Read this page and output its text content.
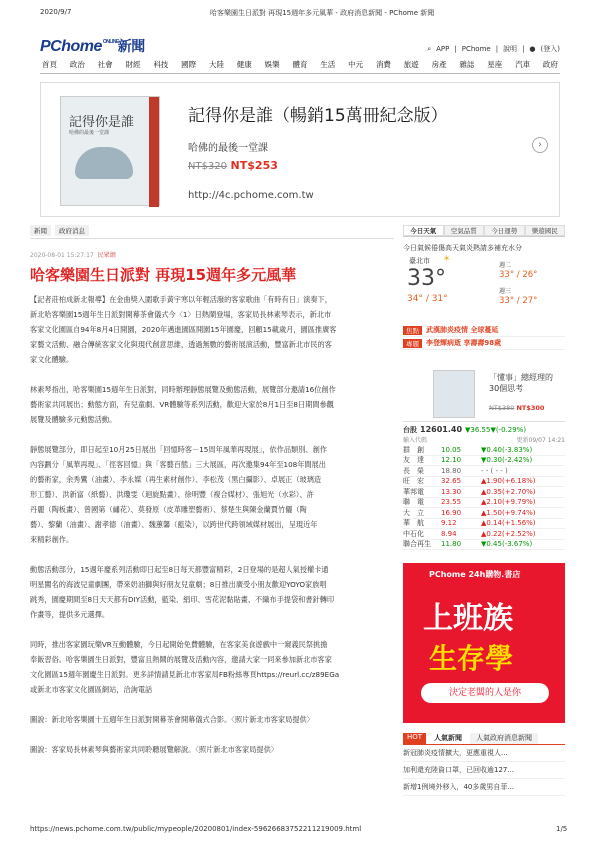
2020/9/7	哈客樂園生日派對 再現15週年多元風華 - 政府消息新聞 - PChome 新聞
PChome$^{ONLINE}$新聞	⌕ APP | PChome | 說明 | ● (登入)
首頁 政治 社會 財經 科技 國際 大陸 健康 娛樂 體育 生活 中元 消費 旅遊 房產 雜誌 星座 汽車 政府
記得你是誰
哈佛的最後一堂課
記得你是誰（暢銷15萬冊紀念版）
哈佛的最後一堂課
NT$320 NT$253
http://4c.pchome.com.tw
›
新聞	政府消息
2020-08-01 15:27:17 民眾網
哈客樂園生日派對 再現15週年多元風華

【記者莊柏成新北報導】在金曲獎入圍歌手黃宇寒以年輕活潑的客家歌曲「有時有日」演奏下，

新北哈客樂園15週年生日派對開幕茶會儀式今〈1〉日熱鬧登場，客家局長林素琴表示，新北市

客家文化園區自94年8月4日開園，2020年邁進園區開園15年園慶，回顧15載歲月，園區推廣客

家藝文活動、融合傳統客家文化與現代創意思維，透過無數的藝術展演活動，豐富新北市民的客

家文化體驗。

林素琴指出，哈客樂園15週年生日派對，同時辦理靜態展覽及動態活動，展覽部分邀請16位創作

藝術家共同展出；動態方面，有兒童劇、VR體驗等系列活動，歡迎大家於8月1日至8日期間參觀

展覽及體驗多元動態活動。

靜態展覽部分，即日起至10月25日展出「回憶時客－15周年風華再現展」，依作品類別、創作

內容劃分「風華再現」、「徑客回憶」與「客藝百態」三大展區，再次邀集94年至108年間展出

的藝術家，余秀鸞（油畫）、李永媒（再生素材創作）、李松茂（黑白攝影）、卓展正（玻璃造

形工藝）、洪新富（紙藝）、洪瓊雯（迴旋點畫）、徐明豐（複合媒材）、張旭光（水彩）、許

丹麗（陶板畫）、曾國第（繡花）、莫發原（皮革雕塑藝術）、蔡楚生與陳金蘭賈竹儷（陶

藝）、黎蘭（油畫）、謝孝德（油畫）、魏蕙馨（藍染），以跨世代跨領域媒材展出，呈現近年

來精彩創作。

動態活動部分，15週年慶系列活動即日起至8日每天都豐富精彩，2日登場的是超人氣授權卡通

明星闖名的海波兒童劇團，帶來奶油獅與好朋友兒童劇；8日推出廣受小朋友歡迎YOYO家族唱

跳秀，園慶期間至8日天天都有DIY活動，藍染、絹印、雪花泥黏貼畫、不織布手提袋和書針轉印

作畫等，提供多元選擇。

同時，推出客家園玩樂VR互動體驗，今日起開始免費體驗，在客家美食遊戲中一窺義民祭挑擔

奉飯習俗。哈客樂園生日派對，豐富且熱鬧的展覽及活動內容，邀請大家一同來參加新北市客家

文化園區15週年園慶生日派對。更多詳情請見新北市客家局FB粉絲專頁https://reurl.cc/z89EGa

或新北市客家文化園區網站，洽詢電話

圖說：新北哈客樂園十五週年生日派對開幕茶會開幕儀式合影。〈照片新北市客家局提供〉

圖說：客家局長林素琴與藝術家共同聆聽展覽解說。〈照片新北市客家局提供〉

今日天氣	空氣品質	今日運勢	樂遊國民
今日氣候倦傷高天氣炎熱請多補充水分
臺北市 ☀
33°
34° / 31°
週二
33° / 26°
週三
33° / 27°
焦點	武漢肺炎疫情 全球蔓延
專題	李登輝病逝 享壽壽98歲
「懂事」總經理的30個思考
NT$380 NT$300
台股 12601.40 ▼36.55▼(-0.29%)
輸入代碼	更新09/07 14:21
群　創	10.05	▼0.40(-3.83%)
友　達	12.10	▼0.30(-2.42%)
長　榮	18.80	- - ( - - )
旺　宏	32.65	▲1.90(+6.18%)
華邦電	13.30	▲0.35(+2.70%)
聯　電	23.55	▲2.10(+9.79%)
大　立	16.90	▲1.50(+9.74%)
華　航	9.12	▲0.14(+1.56%)
中石化	8.94	▲0.22(+2.52%)
聯合再生	11.80	▼0.45(-3.67%)
PChome 24h購物.書店
上班族
生存學
決定老闆的人是你
HOT	人氣新聞	人氣政府消息新聞
新冠肺炎疫情擴大，更應重視人...
加利還充陸資口罩，已回收逾127...
新增1例境外移入，40多歲男自菲...
https://news.pchome.com.tw/public/mypeople/20200801/index-59626683752211219009.html	1/5
